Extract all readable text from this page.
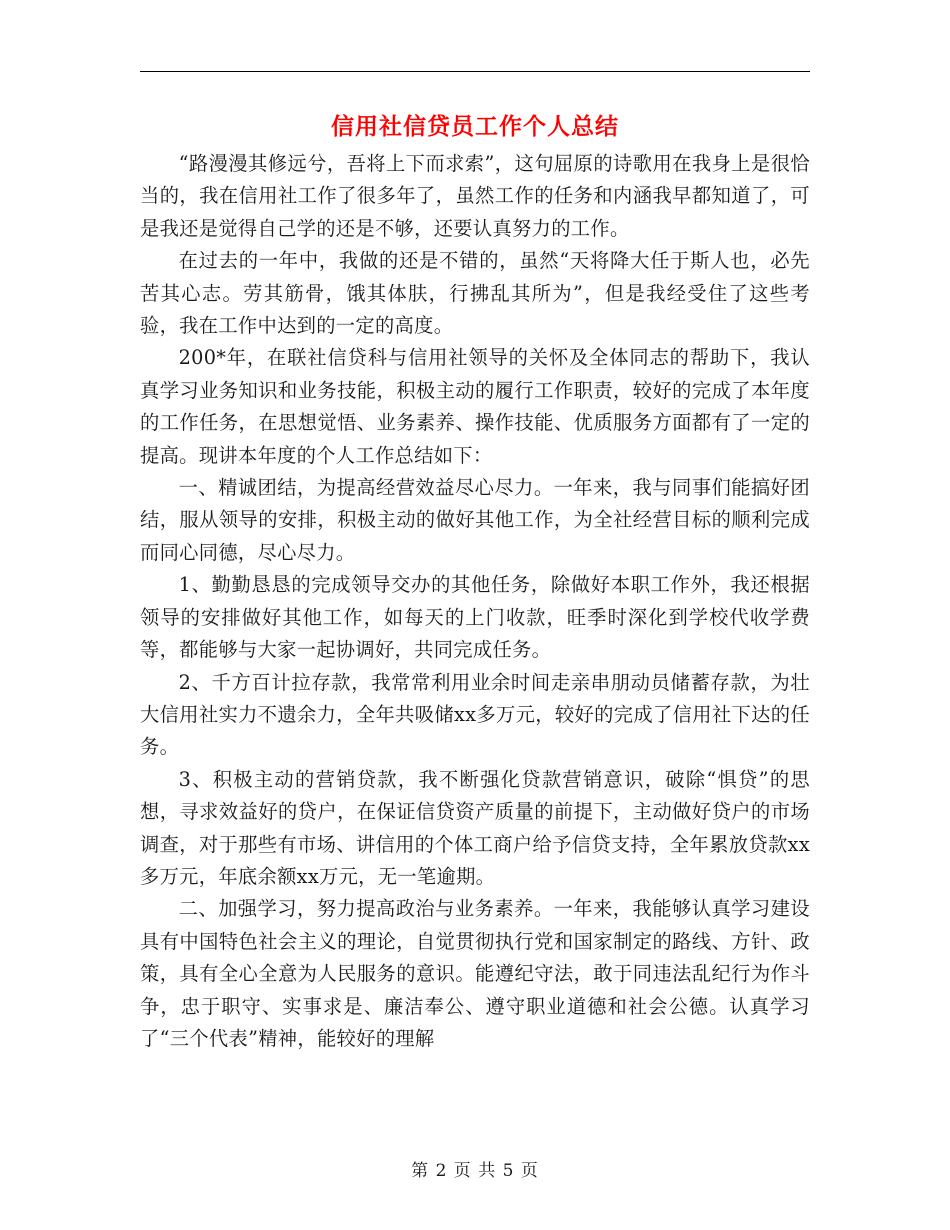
信用社信贷员工作个人总结

“路漫漫其修远兮，吾将上下而求索”，这句屈原的诗歌用在我身上是很恰当的，我在信用社工作了很多年了，虽然工作的任务和内涵我早都知道了，可是我还是觉得自己学的还是不够，还要认真努力的工作。

在过去的一年中，我做的还是不错的，虽然“天将降大任于斯人也，必先苦其心志。劳其筋骨，饿其体肤，行拂乱其所为”，但是我经受住了这些考验，我在工作中达到的一定的高度。

200*年，在联社信贷科与信用社领导的关怀及全体同志的帮助下，我认真学习业务知识和业务技能，积极主动的履行工作职责，较好的完成了本年度的工作任务，在思想觉悟、业务素养、操作技能、优质服务方面都有了一定的提高。现讲本年度的个人工作总结如下：

一、精诚团结，为提高经营效益尽心尽力。一年来，我与同事们能搞好团结，服从领导的安排，积极主动的做好其他工作，为全社经营目标的顺利完成而同心同德，尽心尽力。

1、勤勤恳恳的完成领导交办的其他任务，除做好本职工作外，我还根据领导的安排做好其他工作，如每天的上门收款，旺季时深化到学校代收学费等，都能够与大家一起协调好，共同完成任务。

2、千方百计拉存款，我常常利用业余时间走亲串朋动员储蓄存款，为壮大信用社实力不遗余力，全年共吸储xx多万元，较好的完成了信用社下达的任务。

3、积极主动的营销贷款，我不断强化贷款营销意识，破除“惧贷”的思想，寻求效益好的贷户，在保证信贷资产质量的前提下，主动做好贷户的市场调查，对于那些有市场、讲信用的个体工商户给予信贷支持，全年累放贷款xx多万元，年底余额xx万元，无一笔逾期。

二、加强学习，努力提高政治与业务素养。一年来，我能够认真学习建设具有中国特色社会主义的理论，自觉贯彻执行党和国家制定的路线、方针、政策，具有全心全意为人民服务的意识。能遵纪守法，敢于同违法乱纪行为作斗争，忠于职守、实事求是、廉洁奉公、遵守职业道德和社会公德。认真学习了“三个代表”精神，能较好的理解

第 2 页 共 5 页
